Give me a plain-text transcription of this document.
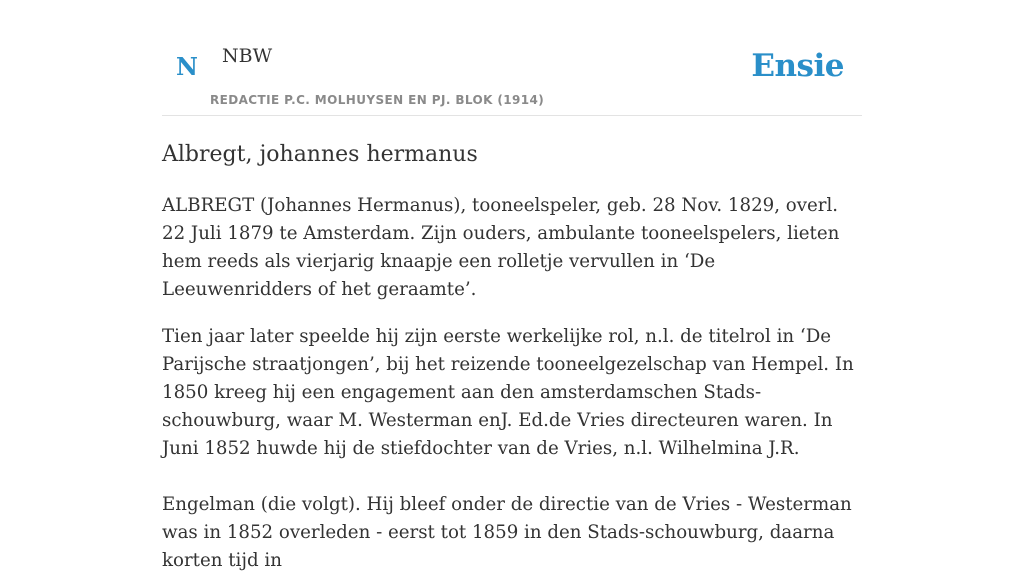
N NBW
REDACTIE P.C. MOLHUYSEN EN PJ. BLOK (1914)
Ensie
Albregt, johannes hermanus

ALBREGT (Johannes Hermanus), tooneelspeler, geb. 28 Nov. 1829, overl. 22 Juli 1879 te Amsterdam. Zijn ouders, ambulante tooneelspelers, lieten hem reeds als vierjarig knaapje een rolletje vervullen in ‘De Leeuwenridders of het geraamte’.

Tien jaar later speelde hij zijn eerste werkelijke rol, n.l. de titelrol in ‘De Parijsche straatjongen’, bij het reizende tooneelgezelschap van Hempel. In 1850 kreeg hij een engagement aan den amsterdamschen Stads-schouwburg, waar M. Westerman enJ. Ed.de Vries directeuren waren. In Juni 1852 huwde hij de stiefdochter van de Vries, n.l. Wilhelmina J.R.

Engelman (die volgt). Hij bleef onder de directie van de Vries - Westerman was in 1852 overleden - eerst tot 1859 in den Stads-schouwburg, daarna korten tijd in
